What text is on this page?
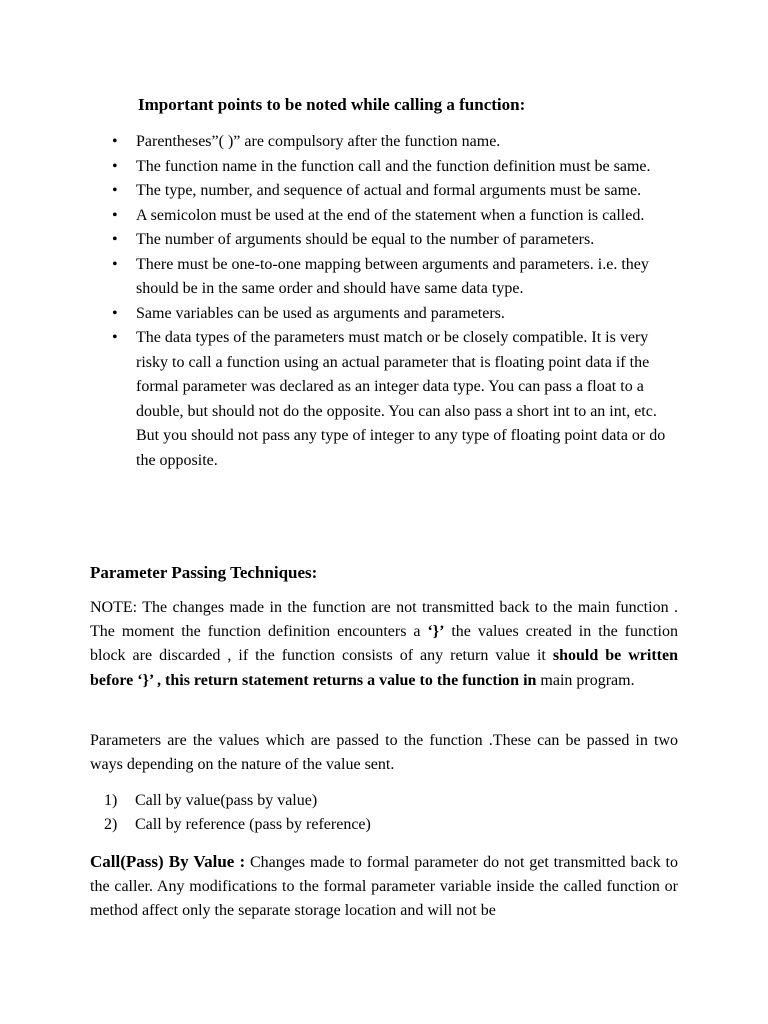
Important points to be noted while calling a function:
• Parentheses”( )” are compulsory after the function name.
• The function name in the function call and the function definition must be same.
• The type, number, and sequence of actual and formal arguments must be same.
• A semicolon must be used at the end of the statement when a function is called.
• The number of arguments should be equal to the number of parameters.
• There must be one-to-one mapping between arguments and parameters. i.e. they should be in the same order and should have same data type.
• Same variables can be used as arguments and parameters.
• The data types of the parameters must match or be closely compatible. It is very risky to call a function using an actual parameter that is floating point data if the formal parameter was declared as an integer data type. You can pass a float to a double, but should not do the opposite. You can also pass a short int to an int, etc. But you should not pass any type of integer to any type of floating point data or do the opposite.
Parameter Passing Techniques:

NOTE: The changes made in the function are not transmitted back to the main function . The moment the function definition encounters a ‘}’ the values created in the function block are discarded , if the function consists of any return value it should be written before ‘}’ , this return statement returns a value to the function in main program.

Parameters are the values which are passed to the function .These can be passed in two ways depending on the nature of the value sent.

1) Call by value(pass by value)
2) Call by reference (pass by reference)

Call(Pass) By Value : Changes made to formal parameter do not get transmitted back to the caller. Any modifications to the formal parameter variable inside the called function or method affect only the separate storage location and will not be
